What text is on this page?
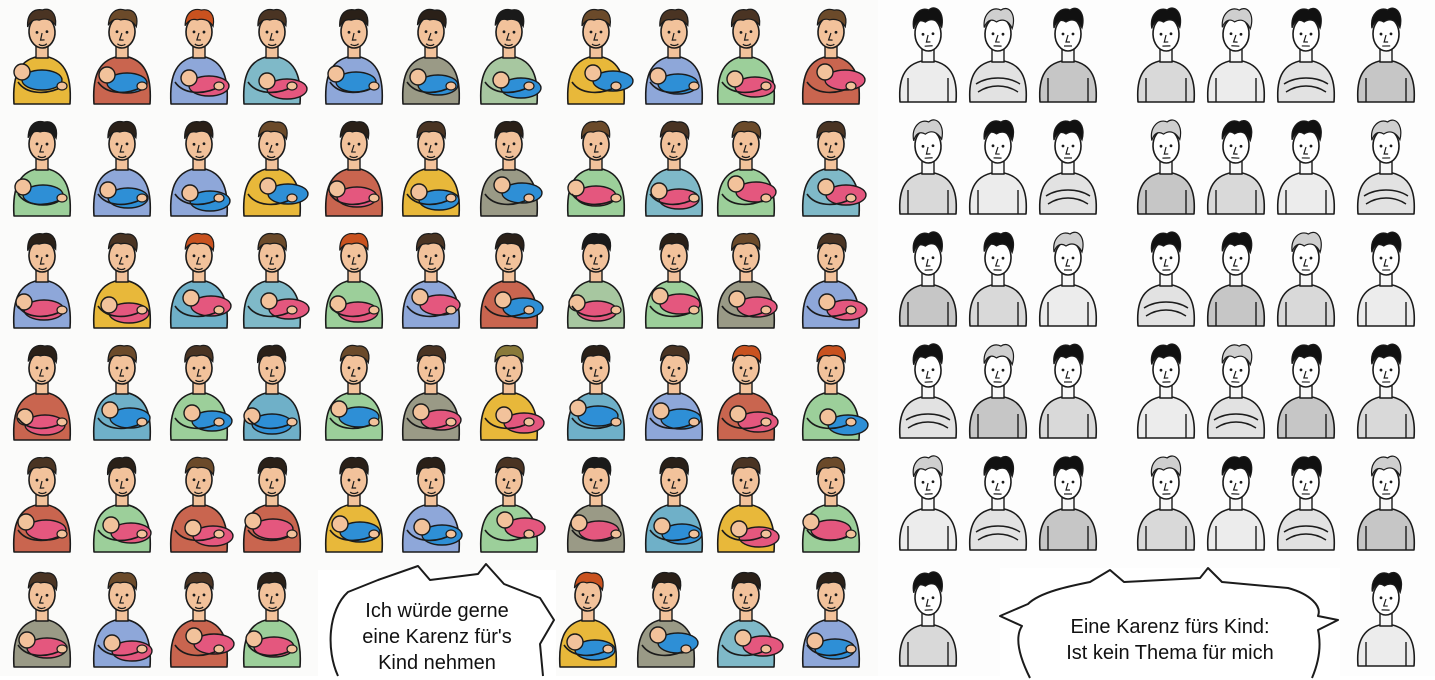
Ich würde gerne
eine Karenz für's
Kind nehmen
Eine Karenz fürs Kind:
Ist kein Thema für mich
